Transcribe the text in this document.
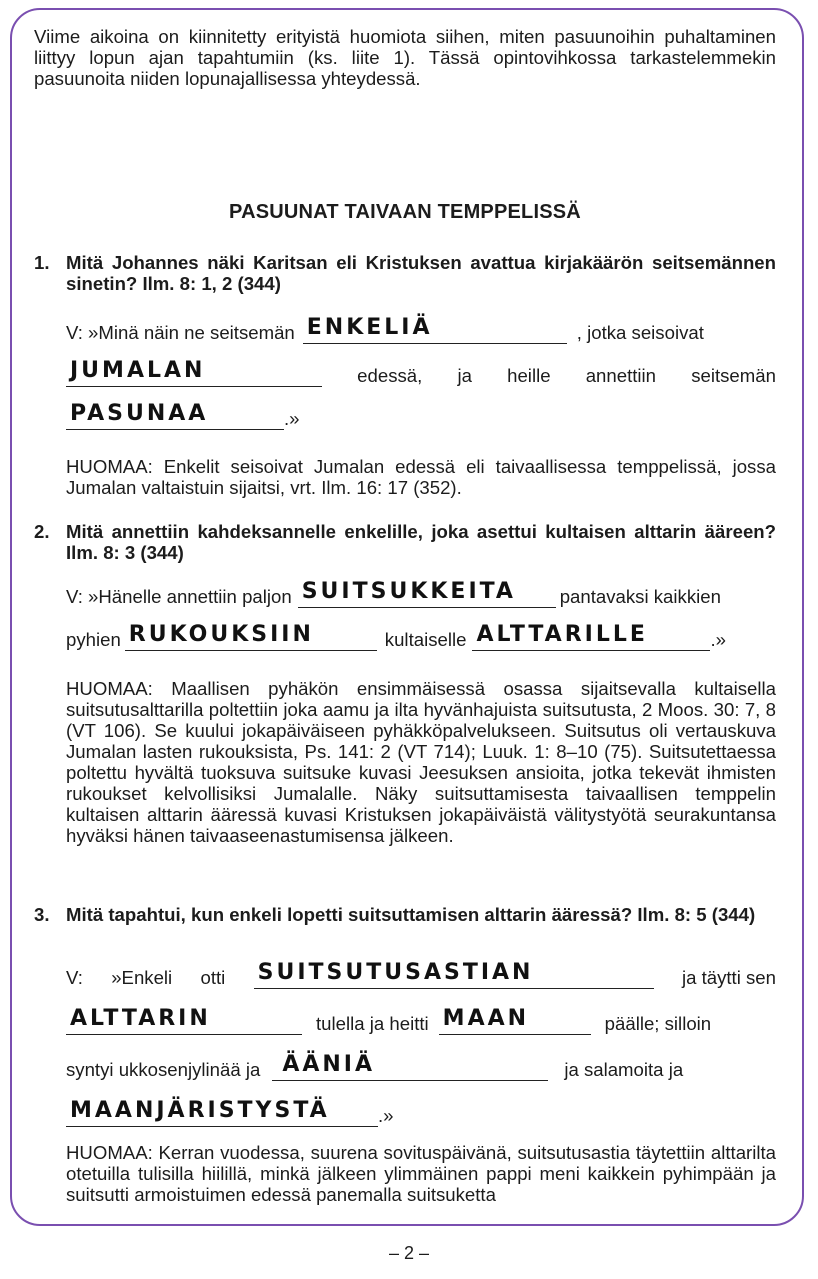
Viime aikoina on kiinnitetty erityistä huomiota siihen, miten pasuunoihin puhaltaminen liittyy lopun ajan tapahtumiin (ks. liite 1). Tässä opintovihkossa tarkastelemmekin pasuunoita niiden lopunajallisessa yhteydessä.

PASUUNAT TAIVAAN TEMPPELISSÄ

1. Mitä Johannes näki Karitsan eli Kristuksen avattua kirjakäärön seitsemännen sinetin? Ilm. 8: 1, 2 (344)

V: »Minä näin ne seitsemän ENKELIÄ	, jotka seisoivat
JUMALAN	edessä, ja heille annettiin seitsemän
PASUNAA	.»

HUOMAA: Enkelit seisoivat Jumalan edessä eli taivaallisessa temppelissä, jossa Jumalan valtaistuin sijaitsi, vrt. Ilm. 16: 17 (352).

2. Mitä annettiin kahdeksannelle enkelille, joka asettui kultaisen alttarin ääreen? Ilm. 8: 3 (344)

V: »Hänelle annettiin paljon SUITSUKKEITA pantavaksi kaikkien
pyhien RUKOUKSIIN	kultaiselle ALTTARILLE	.»

HUOMAA: Maallisen pyhäkön ensimmäisessä osassa sijaitsevalla kultaisella suitsutusalttarilla poltettiin joka aamu ja ilta hyvänhajuista suitsutusta, 2 Moos. 30: 7, 8 (VT 106). Se kuului jokapäiväiseen pyhäkköpalvelukseen. Suitsutus oli vertauskuva Jumalan lasten rukouksista, Ps. 141: 2 (VT 714); Luuk. 1: 8–10 (75). Suitsutettaessa poltettu hyvältä tuoksuva suitsuke kuvasi Jeesuksen ansioita, jotka tekevät ihmisten rukoukset kelvollisiksi Jumalalle. Näky suitsuttamisesta taivaallisen temppelin kultaisen alttarin ääressä kuvasi Kristuksen jokapäiväistä välitystyötä seurakuntansa hyväksi hänen taivaaseenastumisensa jälkeen.

3. Mitä tapahtui, kun enkeli lopetti suitsuttamisen alttarin ääressä? Ilm. 8: 5 (344)

V: »Enkeli otti SUITSUTUSASTIAN	ja täytti sen
ALTTARIN	tulella ja heitti MAAN	päälle; silloin
syntyi ukkosenjylinää ja ÄÄNIÄ	ja salamoita ja
MAANJÄRISTYSTÄ	.»

HUOMAA: Kerran vuodessa, suurena sovituspäivänä, suitsutusastia täytettiin alttarilta otetuilla tulisilla hiilillä, minkä jälkeen ylimmäinen pappi meni kaikkein pyhimpään ja suitsutti armoistuimen edessä panemalla suitsuketta

– 2 –
